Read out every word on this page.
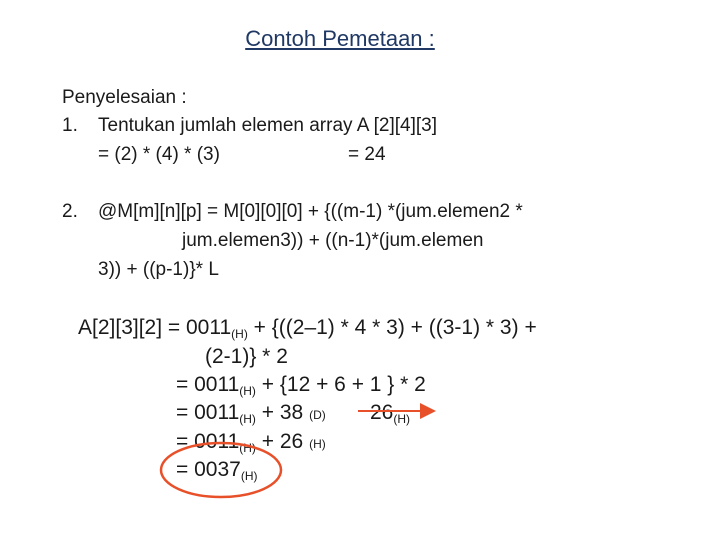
Contoh Pemetaan :
Penyelesaian :
1. Tentukan jumlah elemen array A [2][4][3]
= (2) * (4) * (3)	= 24
2. @M[m][n][p] = M[0][0][0] + {((m-1) *(jum.elemen2 *
jum.elemen3)) + ((n-1)*(jum.elemen
3)) + ((p-1)}* L
$A[2][3][2] = 0011_{(H)} + \{((2-1) * 4 * 3) + ((3-1) * 3)$ +
(2-1)} * 2
= $0011_{(H)} + \{12 + 6 + 1$ } * 2
= $0011_{(H)} + 38$ (D) $26_{(H)}$
= $0011_{(H)} + 26$ (H)
= $0037_{(H)}$
